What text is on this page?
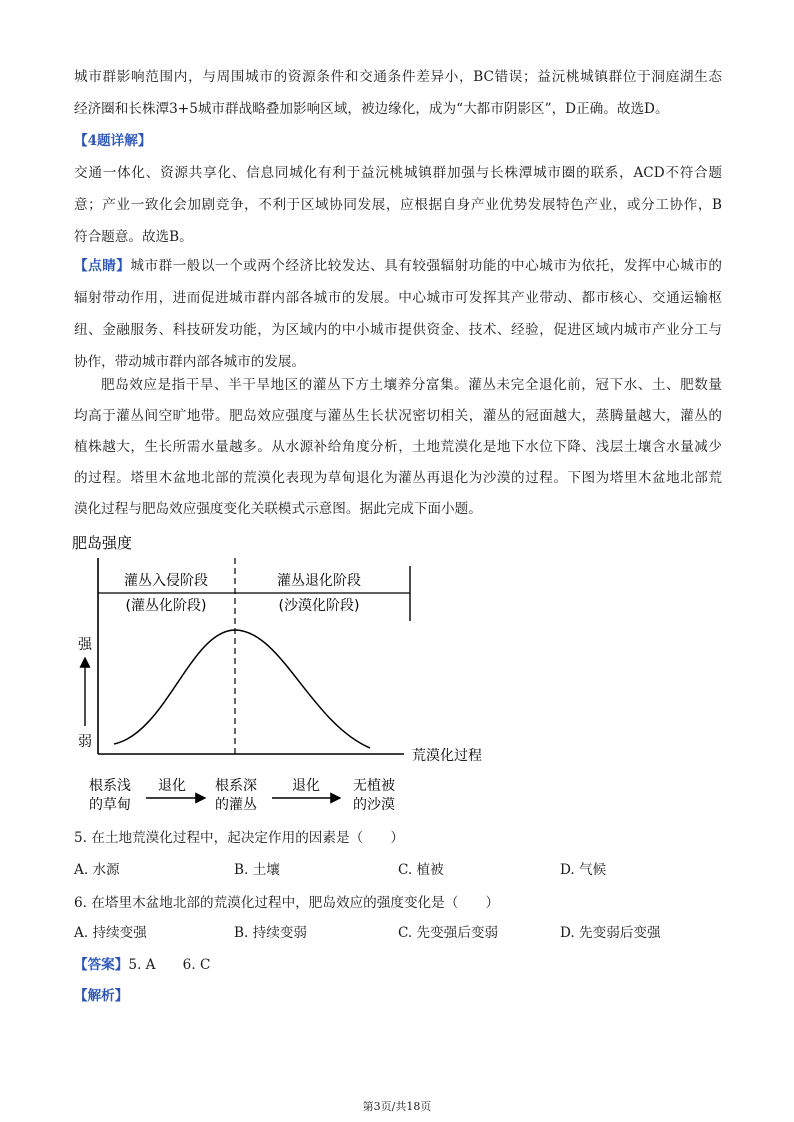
城市群影响范围内，与周围城市的资源条件和交通条件差异小，BC错误；益沅桃城镇群位于洞庭湖生态
经济圈和长株潭3+5城市群战略叠加影响区域，被边缘化，成为“大都市阴影区”，D正确。故选D。
【4题详解】
交通一体化、资源共享化、信息同城化有利于益沅桃城镇群加强与长株潭城市圈的联系，ACD不符合题
意；产业一致化会加剧竞争，不利于区域协同发展，应根据自身产业优势发展特色产业，或分工协作，B
符合题意。故选B。
【点睛】城市群一般以一个或两个经济比较发达、具有较强辐射功能的中心城市为依托，发挥中心城市的
辐射带动作用，进而促进城市群内部各城市的发展。中心城市可发挥其产业带动、都市核心、交通运输枢
纽、金融服务、科技研发功能，为区域内的中小城市提供资金、技术、经验，促进区域内城市产业分工与
协作，带动城市群内部各城市的发展。
肥岛效应是指干旱、半干旱地区的灌丛下方土壤养分富集。灌丛未完全退化前，冠下水、土、肥数量
均高于灌丛间空旷地带。肥岛效应强度与灌丛生长状况密切相关，灌丛的冠面越大，蒸腾量越大，灌丛的
植株越大，生长所需水量越多。从水源补给角度分析，土地荒漠化是地下水位下降、浅层土壤含水量减少
的过程。塔里木盆地北部的荒漠化表现为草甸退化为灌丛再退化为沙漠的过程。下图为塔里木盆地北部荒
漠化过程与肥岛效应强度变化关联模式示意图。据此完成下面小题。
肥岛强度
荒漠化过程
灌丛入侵阶段
(灌丛化阶段)
灌丛退化阶段
(沙漠化阶段)
强
弱
根系浅
的草甸
根系深
的灌丛
无植被
的沙漠
退化	退化

5. 在土地荒漠化过程中，起决定作用的因素是（　　）

A. 水源	B. 土壤	C. 植被	D. 气候

6. 在塔里木盆地北部的荒漠化过程中，肥岛效应的强度变化是（　　）

A. 持续变强	B. 持续变弱	C. 先变强后变弱	D. 先变弱后变强
【答案】5. A　　6. C
【解析】
第3页/共18页
